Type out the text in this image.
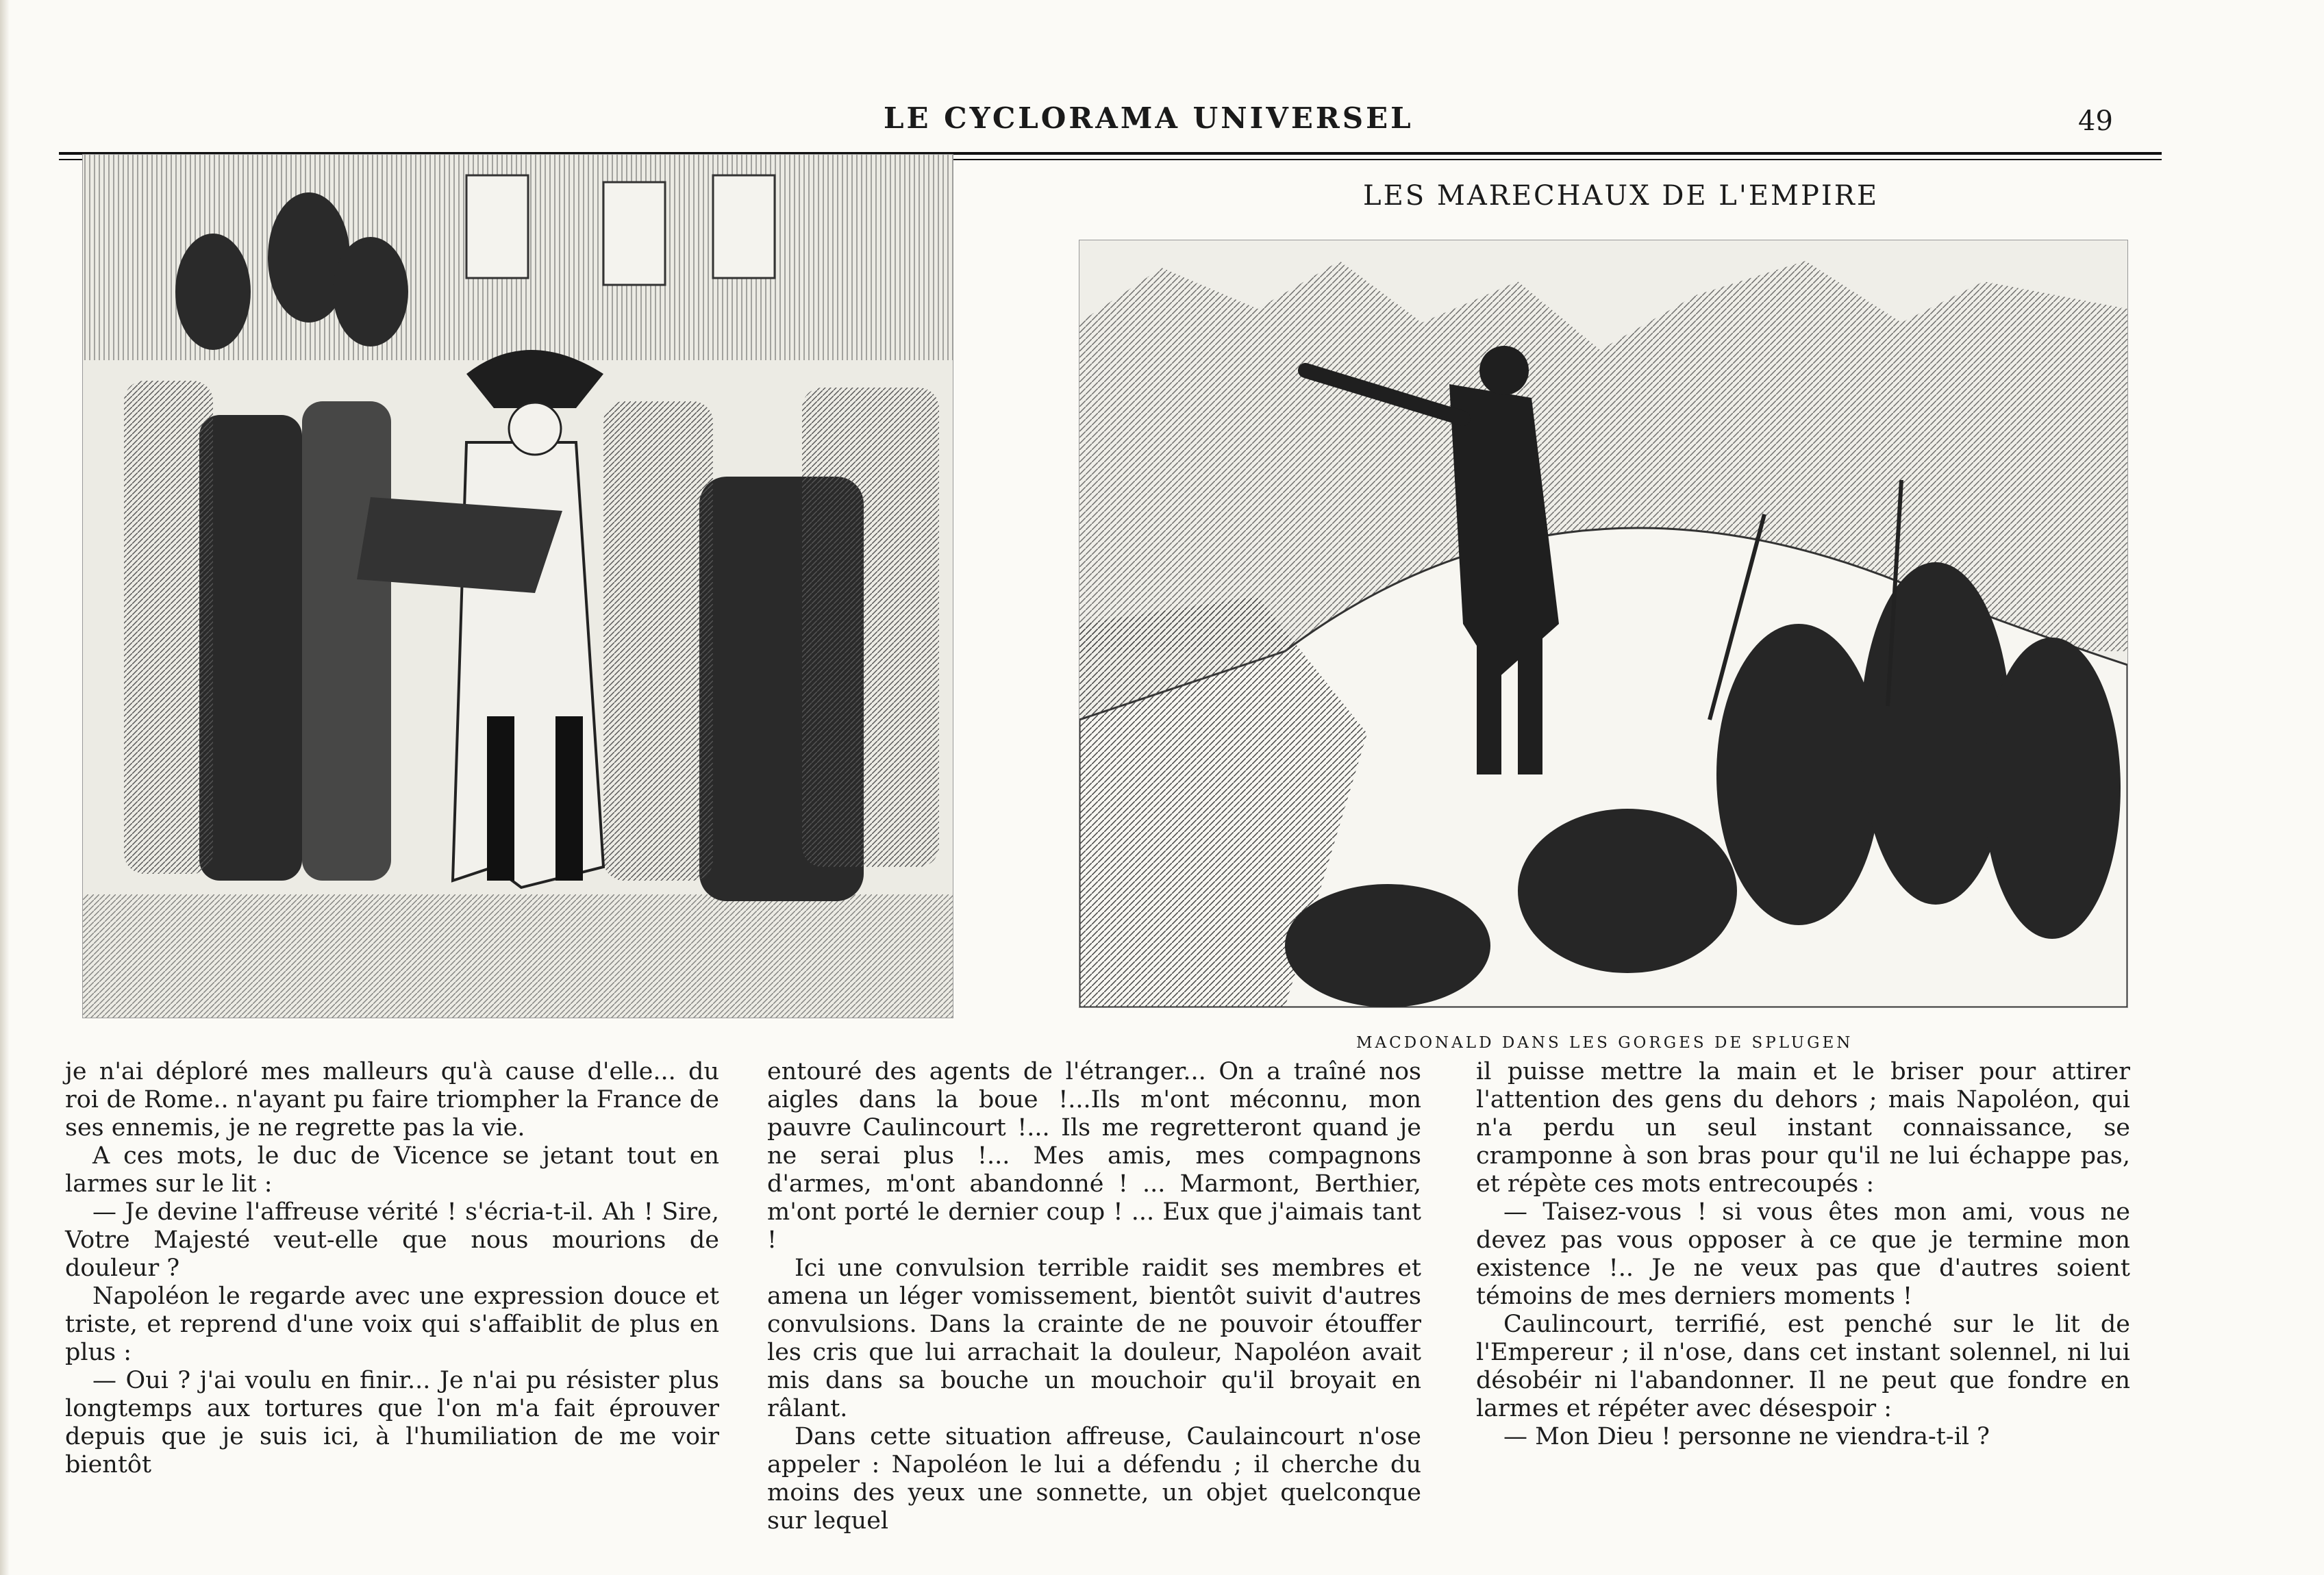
LE CYCLORAMA UNIVERSEL	49
LES MARECHAUX DE L'EMPIRE
MACDONALD DANS LES GORGES DE SPLUGEN

je n'ai déploré mes malleurs qu'à cause d'elle... du roi de Rome.. n'ayant pu faire triompher la France de ses ennemis, je ne regrette pas la vie.

A ces mots, le duc de Vicence se jetant tout en larmes sur le lit :

— Je devine l'affreuse vérité ! s'écria-t-il. Ah ! Sire, Votre Majesté veut-elle que nous mourions de douleur ?

Napoléon le regarde avec une expression douce et triste, et reprend d'une voix qui s'affaiblit de plus en plus :

— Oui ? j'ai voulu en finir... Je n'ai pu résister plus longtemps aux tortures que l'on m'a fait éprouver depuis que je suis ici, à l'humiliation de me voir bientôt

entouré des agents de l'étranger... On a traîné nos aigles dans la boue !...Ils m'ont méconnu, mon pauvre Caulincourt !... Ils me regretteront quand je ne serai plus !... Mes amis, mes compagnons d'armes, m'ont abandonné ! ... Marmont, Berthier, m'ont porté le dernier coup ! ... Eux que j'aimais tant !

Ici une convulsion terrible raidit ses membres et amena un léger vomissement, bientôt suivit d'autres convulsions. Dans la crainte de ne pouvoir étouffer les cris que lui arrachait la douleur, Napoléon avait mis dans sa bouche un mouchoir qu'il broyait en râlant.

Dans cette situation affreuse, Caulaincourt n'ose appeler : Napoléon le lui a défendu ; il cherche du moins des yeux une sonnette, un objet quelconque sur lequel

il puisse mettre la main et le briser pour attirer l'attention des gens du dehors ; mais Napoléon, qui n'a perdu un seul instant connaissance, se cramponne à son bras pour qu'il ne lui échappe pas, et répète ces mots entrecoupés :

— Taisez-vous ! si vous êtes mon ami, vous ne devez pas vous opposer à ce que je termine mon existence !.. Je ne veux pas que d'autres soient témoins de mes derniers moments !

Caulincourt, terrifié, est penché sur le lit de l'Empereur ; il n'ose, dans cet instant solennel, ni lui désobéir ni l'abandonner. Il ne peut que fondre en larmes et répéter avec désespoir :

— Mon Dieu ! personne ne viendra-t-il ?
